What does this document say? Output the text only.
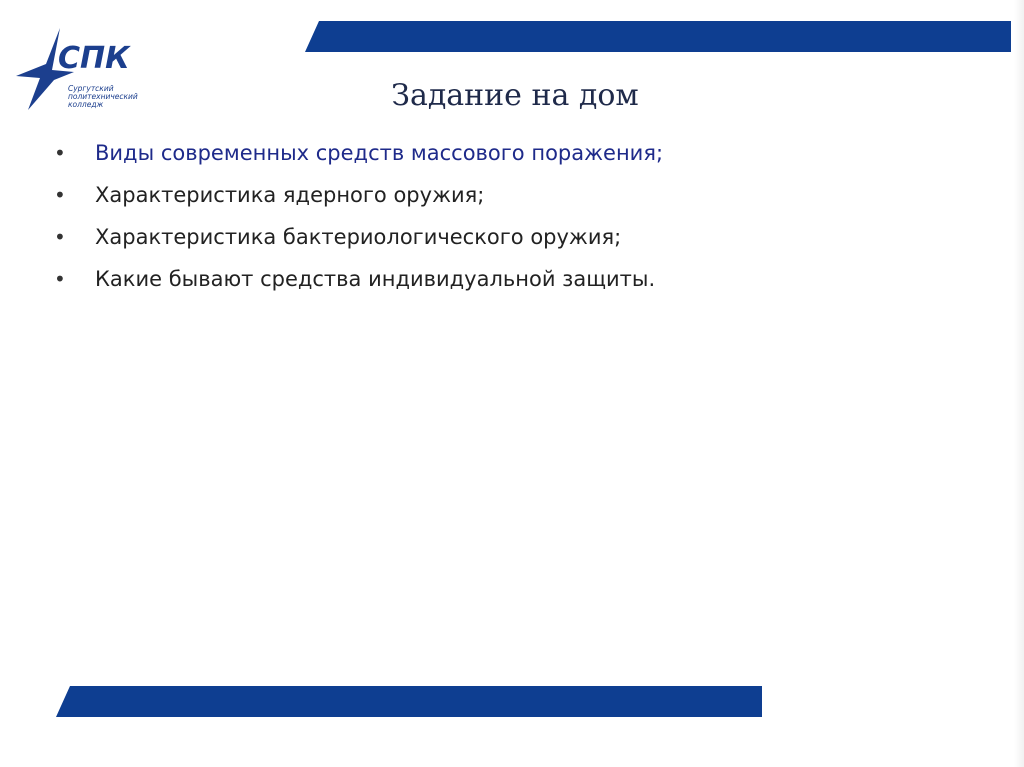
СПК
Сургутский
политехнический
колледж	Задание на дом
• Виды современных средств массового поражения;
• Характеристика ядерного оружия;
• Характеристика бактериологического оружия;
• Какие бывают средства индивидуальной защиты.
